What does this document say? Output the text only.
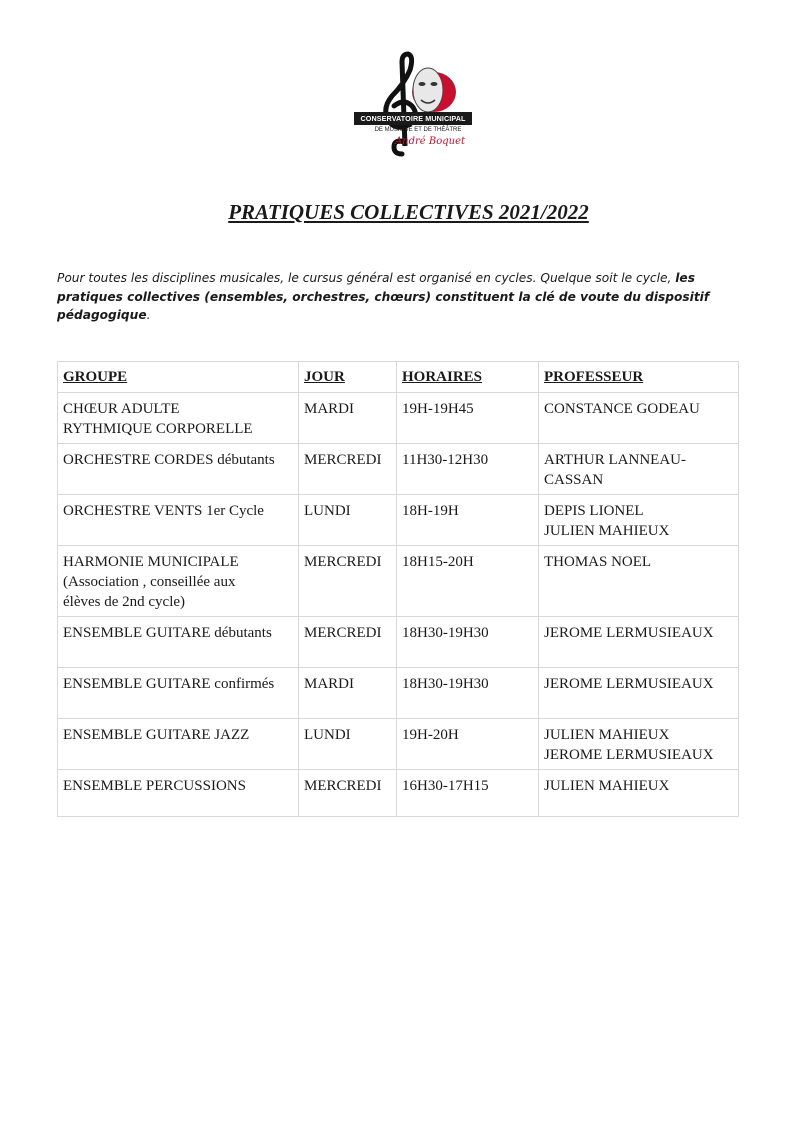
CONSERVATOIRE MUNICIPAL
DE MUSIQUE ET DE THÉÂTRE
André Boquet
PRATIQUES COLLECTIVES 2021/2022
Pour toutes les disciplines musicales, le cursus général est organisé en cycles. Quelque soit le cycle, les pratiques collectives (ensembles, orchestres, chœurs) constituent la clé de voute du dispositif pédagogique.
GROUPE	JOUR	HORAIRES	PROFESSEUR

CHŒUR ADULTE
RYTHMIQUE CORPORELLE	MARDI	19H-19H45	CONSTANCE GODEAU

ORCHESTRE CORDES débutants	MERCREDI	11H30-12H30	ARTHUR LANNEAU-
CASSAN

ORCHESTRE VENTS 1er Cycle	LUNDI	18H-19H	DEPIS LIONEL
JULIEN MAHIEUX

HARMONIE MUNICIPALE
(Association , conseillée aux
élèves de 2nd cycle)	MERCREDI	18H15-20H	THOMAS NOEL

ENSEMBLE GUITARE débutants	MERCREDI	18H30-19H30	JEROME LERMUSIEAUX

ENSEMBLE GUITARE confirmés	MARDI	18H30-19H30	JEROME LERMUSIEAUX

ENSEMBLE GUITARE JAZZ	LUNDI	19H-20H	JULIEN MAHIEUX
JEROME LERMUSIEAUX

ENSEMBLE PERCUSSIONS	MERCREDI	16H30-17H15	JULIEN MAHIEUX
